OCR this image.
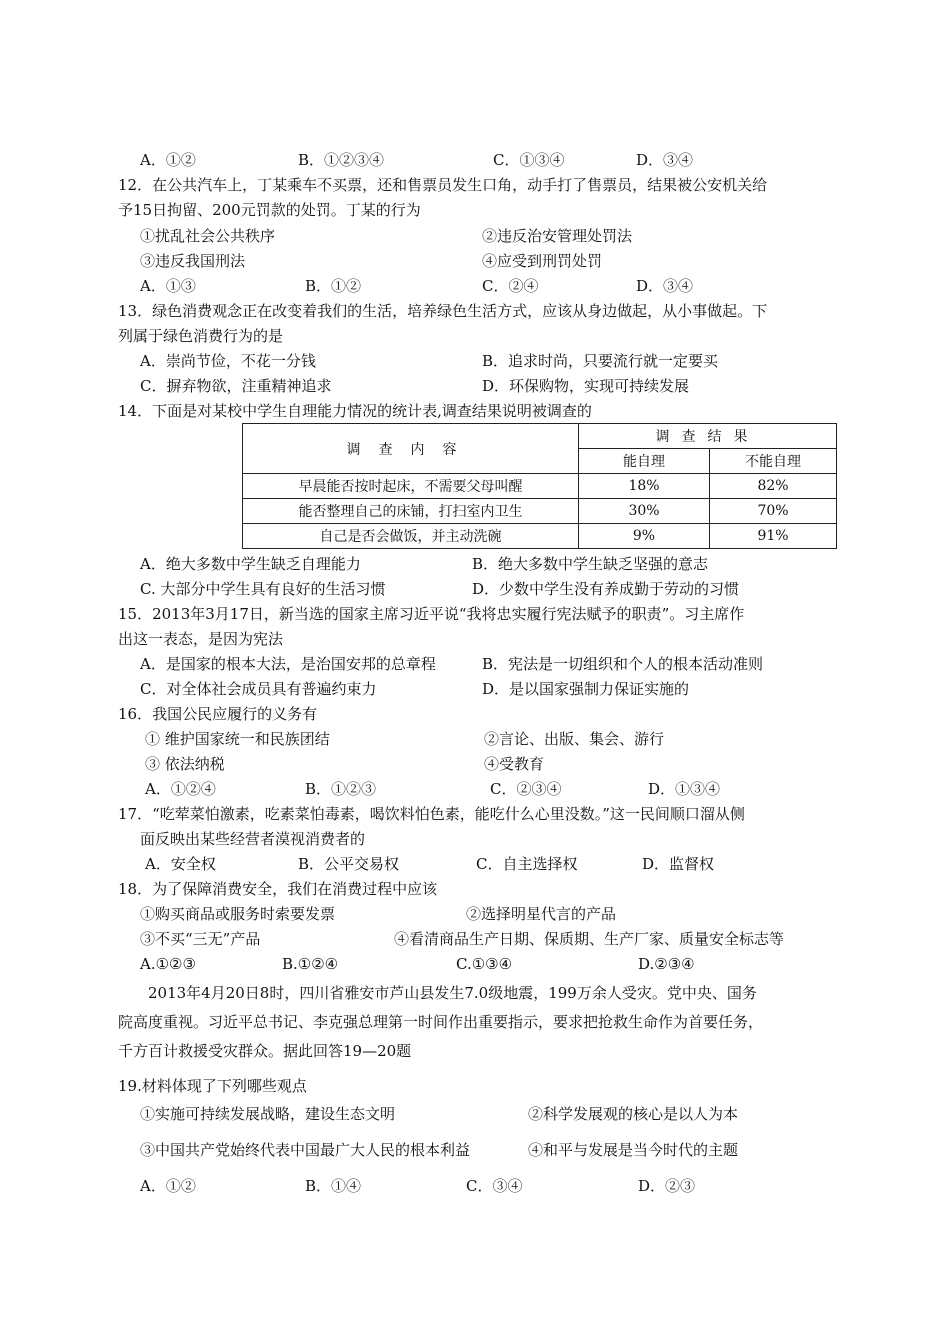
A．①②	B．①②③④	C．①③④	D．③④
12．在公共汽车上，丁某乘车不买票，还和售票员发生口角，动手打了售票员，结果被公安机关给
予15日拘留、200元罚款的处罚。丁某的行为
①扰乱社会公共秩序	②违反治安管理处罚法
③违反我国刑法	④应受到刑罚处罚
A．①③	B．①②	C．②④	D．③④
13．绿色消费观念正在改变着我们的生活，培养绿色生活方式，应该从身边做起，从小事做起。下
列属于绿色消费行为的是
A．崇尚节俭，不花一分钱	B．追求时尚，只要流行就一定要买
C．摒弃物欲，注重精神追求	D．环保购物，实现可持续发展
14．下面是对某校中学生自理能力情况的统计表,调查结果说明被调查的
调查内容	调查结果	
	能自理	不能自理
早晨能否按时起床，不需要父母叫醒	18%	82%
能否整理自己的床铺，打扫室内卫生	30%	70%
自己是否会做饭，并主动洗碗	9%	91%
A．绝大多数中学生缺乏自理能力	B．绝大多数中学生缺乏坚强的意志
C. 大部分中学生具有良好的生活习惯	D．少数中学生没有养成勤于劳动的习惯
15．2013年3月17日，新当选的国家主席习近平说“我将忠实履行宪法赋予的职责”。习主席作
出这一表态，是因为宪法
A．是国家的根本大法，是治国安邦的总章程	B．宪法是一切组织和个人的根本活动准则
C．对全体社会成员具有普遍约束力	D．是以国家强制力保证实施的
16．我国公民应履行的义务有
① 维护国家统一和民族团结	②言论、出版、集会、游行
③ 依法纳税	④受教育
A．①②④	B．①②③	C．②③④	D．①③④
17．“吃荤菜怕激素，吃素菜怕毒素，喝饮料怕色素，能吃什么心里没数。”这一民间顺口溜从侧
面反映出某些经营者漠视消费者的
A．安全权	B．公平交易权	C．自主选择权	D．监督权
18．为了保障消费安全，我们在消费过程中应该
①购买商品或服务时索要发票	②选择明星代言的产品
③不买“三无”产品	④看清商品生产日期、保质期、生产厂家、质量安全标志等
A.①②③	B.①②④	C.①③④	D.②③④
2013年4月20日8时，四川省雅安市芦山县发生7.0级地震，199万余人受灾。党中央、国务
院高度重视。习近平总书记、李克强总理第一时间作出重要指示，要求把抢救生命作为首要任务，
千方百计救援受灾群众。据此回答19—20题
19.材料体现了下列哪些观点
①实施可持续发展战略，建设生态文明	②科学发展观的核心是以人为本
③中国共产党始终代表中国最广大人民的根本利益	④和平与发展是当今时代的主题
A．①②	B．①④	C．③④	D．②③
